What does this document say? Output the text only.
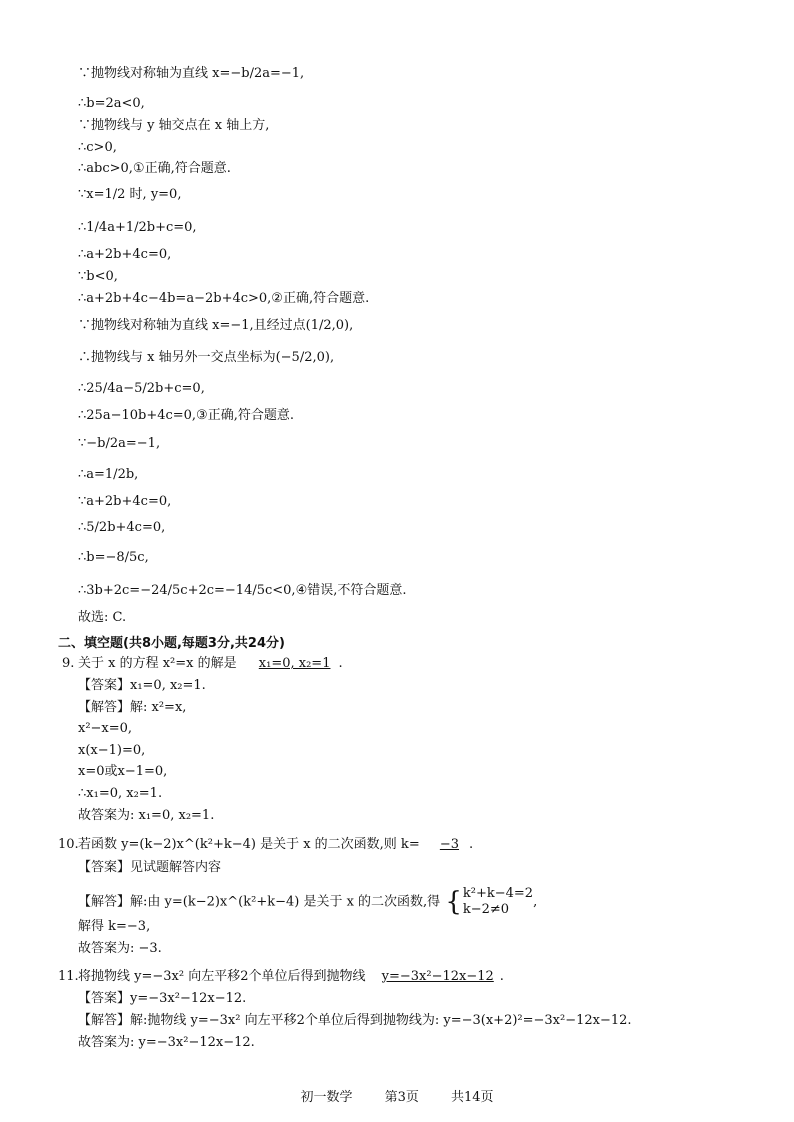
∵抛物线对称轴为直线 x=−b/2a=−1,
∴b=2a<0,
∵抛物线与 y 轴交点在 x 轴上方,
∴c>0,
∴abc>0,①正确,符合题意.
∵x=1/2 时, y=0,
∴1/4a+1/2b+c=0,
∴a+2b+4c=0,
∵b<0,
∴a+2b+4c−4b=a−2b+4c>0,②正确,符合题意.
∵抛物线对称轴为直线 x=−1,且经过点(1/2,0),
∴抛物线与 x 轴另外一交点坐标为(−5/2,0),
∴25/4a−5/2b+c=0,
∴25a−10b+4c=0,③正确,符合题意.
∵−b/2a=−1,
∴a=1/2b,
∵a+2b+4c=0,
∴5/2b+4c=0,
∴b=−8/5c,
∴3b+2c=−24/5c+2c=−14/5c<0,④错误,不符合题意.
故选: C.
二、填空题(共8小题,每题3分,共24分)
9. 关于 x 的方程 x²=x 的解是 x₁=0, x₂=1 .
【答案】x₁=0, x₂=1.
【解答】解: x²=x,
x²−x=0,
x(x−1)=0,
x=0或x−1=0,
∴x₁=0, x₂=1.
故答案为: x₁=0, x₂=1.
10. 若函数 y=(k−2)x^(k²+k−4) 是关于 x 的二次函数,则 k= −3 .
【答案】见试题解答内容
【解答】解:由 y=(k−2)x^(k²+k−4) 是关于 x 的二次函数,得 { k²+k−4=2
k−2≠0	,
解得 k=−3,
故答案为: −3.
11. 将抛物线 y=−3x² 向左平移2个单位后得到抛物线 y=−3x²−12x−12 .
【答案】y=−3x²−12x−12.
【解答】解:抛物线 y=−3x² 向左平移2个单位后得到抛物线为: y=−3(x+2)²=−3x²−12x−12.
故答案为: y=−3x²−12x−12.
初一数学 第3页 共14页
